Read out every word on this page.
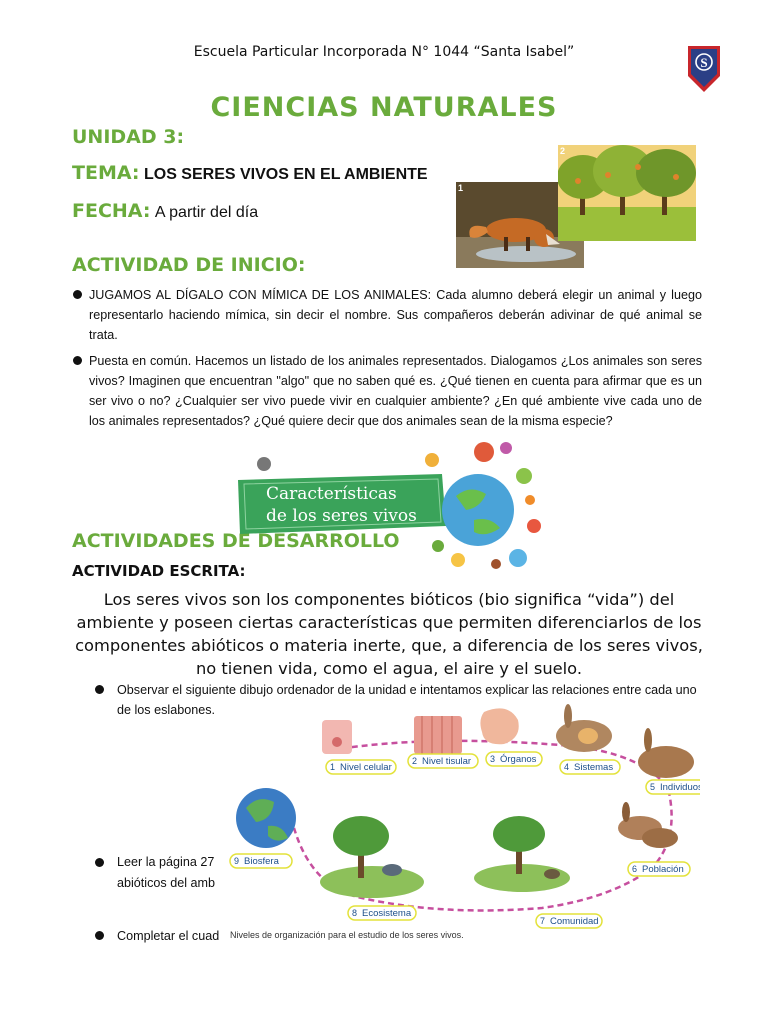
Escuela Particular Incorporada N° 1044 “Santa Isabel”
S
CIENCIAS NATURALES
UNIDAD 3:
TEMA: LOS SERES VIVOS EN EL AMBIENTE
FECHA: A partir del día
1
2
ACTIVIDAD DE INICIO:
JUGAMOS AL DÍGALO CON MÍMICA DE LOS ANIMALES: Cada alumno deberá elegir un animal y luego representarlo haciendo mímica, sin decir el nombre. Sus compañeros deberán adivinar de qué animal se trata.
Puesta en común. Hacemos un listado de los animales representados. Dialogamos ¿Los animales son seres vivos? Imaginen que encuentran "algo" que no saben qué es. ¿Qué tienen en cuenta para afirmar que es un ser vivo o no? ¿Cualquier ser vivo puede vivir en cualquier ambiente? ¿En qué ambiente vive cada uno de los animales representados? ¿Qué quiere decir que dos animales sean de la misma especie?
ACTIVIDADES DE DESARROLLO
Características
de los seres vivos
ACTIVIDAD ESCRITA:
Los seres vivos son los componentes bióticos (bio significa “vida”) del ambiente y poseen ciertas características que permiten diferenciarlos de los componentes abióticos o materia inerte, que, a diferencia de los seres vivos, no tienen vida, como el agua, el aire y el suelo.
Observar el siguiente dibujo ordenador de la unidad e intentamos explicar las relaciones entre cada uno de los eslabones.
Leer la página 27
abióticos del amb
Completar el cuad
1 Nivel celular
2 Nivel tisular 3 Órganos
4 Sistemas
5 Individuos
6 Población
7 Comunidad
8 Ecosistema
9 Biosfera
Niveles de organización para el estudio de los seres vivos.
